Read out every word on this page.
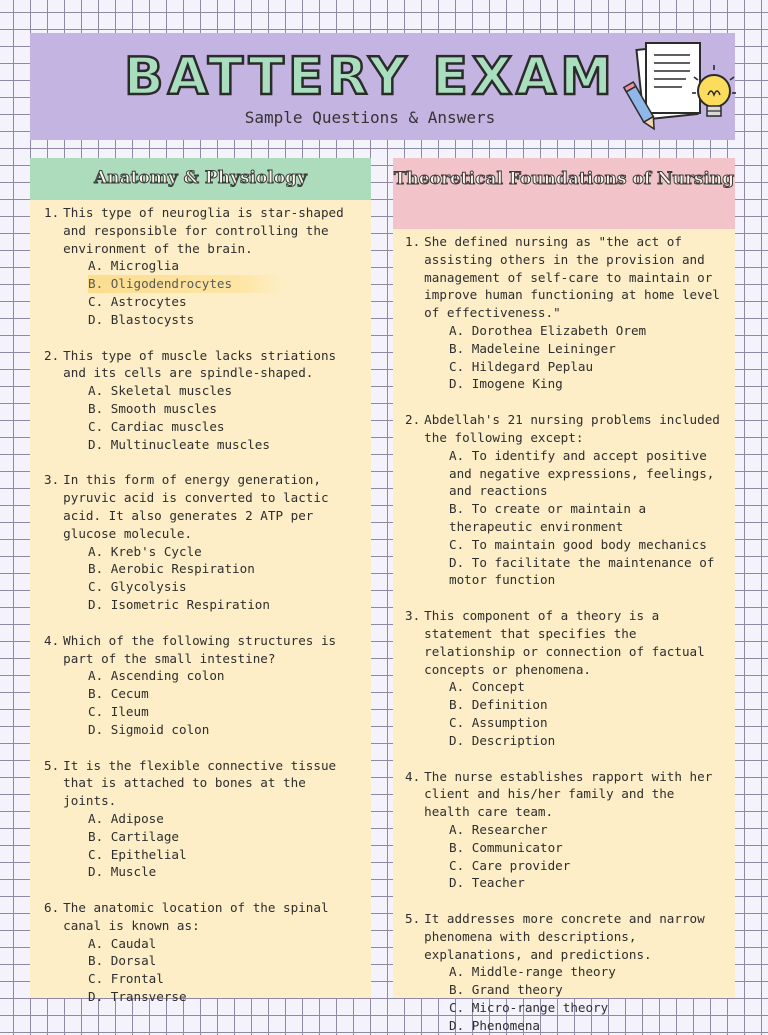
BATTERY EXAM
Sample Questions & Answers
Anatomy & Physiology
1. This type of neuroglia is star-shaped and responsible for controlling the environment of the brain.
A. Microglia
B. Oligodendrocytes
C. Astrocytes
D. Blastocysts
2. This type of muscle lacks striations and its cells are spindle-shaped.
A. Skeletal muscles
B. Smooth muscles
C. Cardiac muscles
D. Multinucleate muscles
3. In this form of energy generation, pyruvic acid is converted to lactic acid. It also generates 2 ATP per glucose molecule.
A. Kreb's Cycle
B. Aerobic Respiration
C. Glycolysis
D. Isometric Respiration
4. Which of the following structures is part of the small intestine?
A. Ascending colon
B. Cecum
C. Ileum
D. Sigmoid colon
5. It is the flexible connective tissue that is attached to bones at the joints.
A. Adipose
B. Cartilage
C. Epithelial
D. Muscle
6. The anatomic location of the spinal canal is known as:
A. Caudal
B. Dorsal
C. Frontal
D. Transverse
Theoretical Foundations of Nursing
1. She defined nursing as "the act of assisting others in the provision and management of self-care to maintain or improve human functioning at home level of effectiveness."
A. Dorothea Elizabeth Orem
B. Madeleine Leininger
C. Hildegard Peplau
D. Imogene King
2. Abdellah's 21 nursing problems included the following except:
A. To identify and accept positive and negative expressions, feelings, and reactions
B. To create or maintain a therapeutic environment
C. To maintain good body mechanics
D. To facilitate the maintenance of motor function
3. This component of a theory is a statement that specifies the relationship or connection of factual concepts or phenomena.
A. Concept
B. Definition
C. Assumption
D. Description
4. The nurse establishes rapport with her client and his/her family and the health care team.
A. Researcher
B. Communicator
C. Care provider
D. Teacher
5. It addresses more concrete and narrow phenomena with descriptions, explanations, and predictions.
A. Middle-range theory
B. Grand theory
C. Micro-range theory
D. Phenomena
